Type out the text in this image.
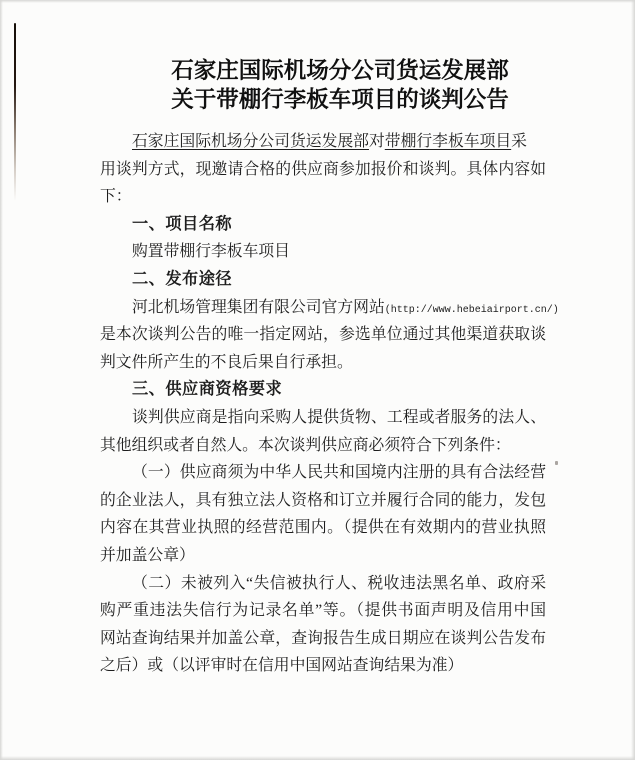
石家庄国际机场分公司货运发展部
关于带棚行李板车项目的谈判公告
石家庄国际机场分公司货运发展部对带棚行李板车项目采
用谈判方式，现邀请合格的供应商参加报价和谈判。具体内容如
下：
一、项目名称
购置带棚行李板车项目
二、发布途径
河北机场管理集团有限公司官方网站(http://www.hebeiairport.cn/)
是本次谈判公告的唯一指定网站，参选单位通过其他渠道获取谈
判文件所产生的不良后果自行承担。
三、供应商资格要求
谈判供应商是指向采购人提供货物、工程或者服务的法人、
其他组织或者自然人。本次谈判供应商必须符合下列条件：
（一）供应商须为中华人民共和国境内注册的具有合法经营
的企业法人，具有独立法人资格和订立并履行合同的能力，发包
内容在其营业执照的经营范围内。（提供在有效期内的营业执照
并加盖公章）
（二）未被列入“失信被执行人、税收违法黑名单、政府采
购严重违法失信行为记录名单”等。（提供书面声明及信用中国
网站查询结果并加盖公章，查询报告生成日期应在谈判公告发布
之后）或（以评审时在信用中国网站查询结果为准）
